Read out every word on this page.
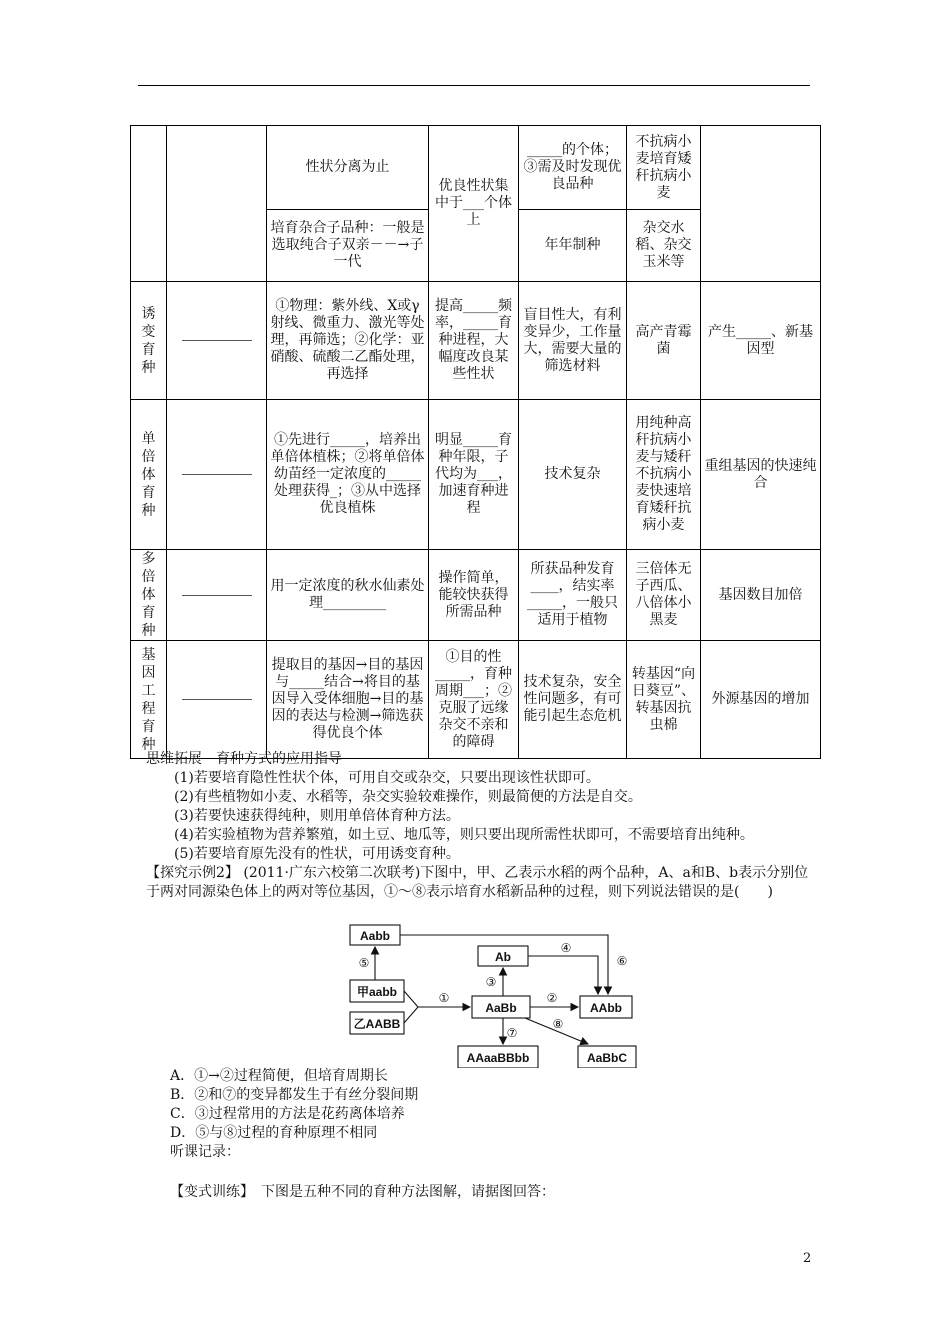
		性状分离为止	优良性状集中于___个体上	_____的个体；③需及时发现优良品种	不抗病小麦培育矮秆抗病小麦	
		培育杂合子品种：一般是选取纯合子双亲－－→子一代		年年制种	杂交水稻、杂交玉米等	

诱变育种		①物理：紫外线、X或γ射线、微重力、激光等处理，再筛选；②化学：亚硝酸、硫酸二乙酯处理，再选择	提高_____频率，_____育种进程，大幅度改良某些性状	盲目性大，有利变异少，工作量大，需要大量的筛选材料	高产青霉菌	产生_____、新基因型

单倍体育种		①先进行_____，培养出单倍体植株；②将单倍体幼苗经一定浓度的_____处理获得_；③从中选择优良植株	明显_____育种年限，子代均为___，加速育种进程	技术复杂	用纯种高秆抗病小麦与矮秆不抗病小麦快速培育矮秆抗病小麦	重组基因的快速纯合

多倍体育种		用一定浓度的秋水仙素处理_________	操作简单，能较快获得所需品种	所获品种发育____，结实率_____，一般只适用于植物	三倍体无子西瓜、八倍体小黑麦	基因数目加倍

基因工程育种		提取目的基因→目的基因与_____结合→将目的基因导入受体细胞→目的基因的表达与检测→筛选获得优良个体	①目的性_____，育种周期___；②克服了远缘杂交不亲和的障碍	技术复杂，安全性问题多，有可能引起生态危机	转基因“向日葵豆”、转基因抗虫棉	外源基因的增加
思维拓展　育种方式的应用指导
(1)若要培育隐性性状个体，可用自交或杂交，只要出现该性状即可。
(2)有些植物如小麦、水稻等，杂交实验较难操作，则最简便的方法是自交。
(3)若要快速获得纯种，则用单倍体育种方法。
(4)若实验植物为营养繁殖，如土豆、地瓜等，则只要出现所需性状即可，不需要培育出纯种。
(5)若要培育原先没有的性状，可用诱变育种。
【探究示例2】 (2011·广东六校第二次联考)下图中，甲、乙表示水稻的两个品种，A、a和B、b表示分别位于两对同源染色体上的两对等位基因，①～⑧表示培育水稻新品种的过程，则下列说法错误的是(　　)
Aabb
甲aabb
乙AABB
Ab
AaBb	AAbb
AAaaBBbb	AaBbC
⑤
①
③
④
⑥
②
⑦
⑧
A．①→②过程简便，但培育周期长
B．②和⑦的变异都发生于有丝分裂间期
C．③过程常用的方法是花药离体培养
D．⑤与⑧过程的育种原理不相同
听课记录：
【变式训练】　下图是五种不同的育种方法图解，请据图回答：
2
